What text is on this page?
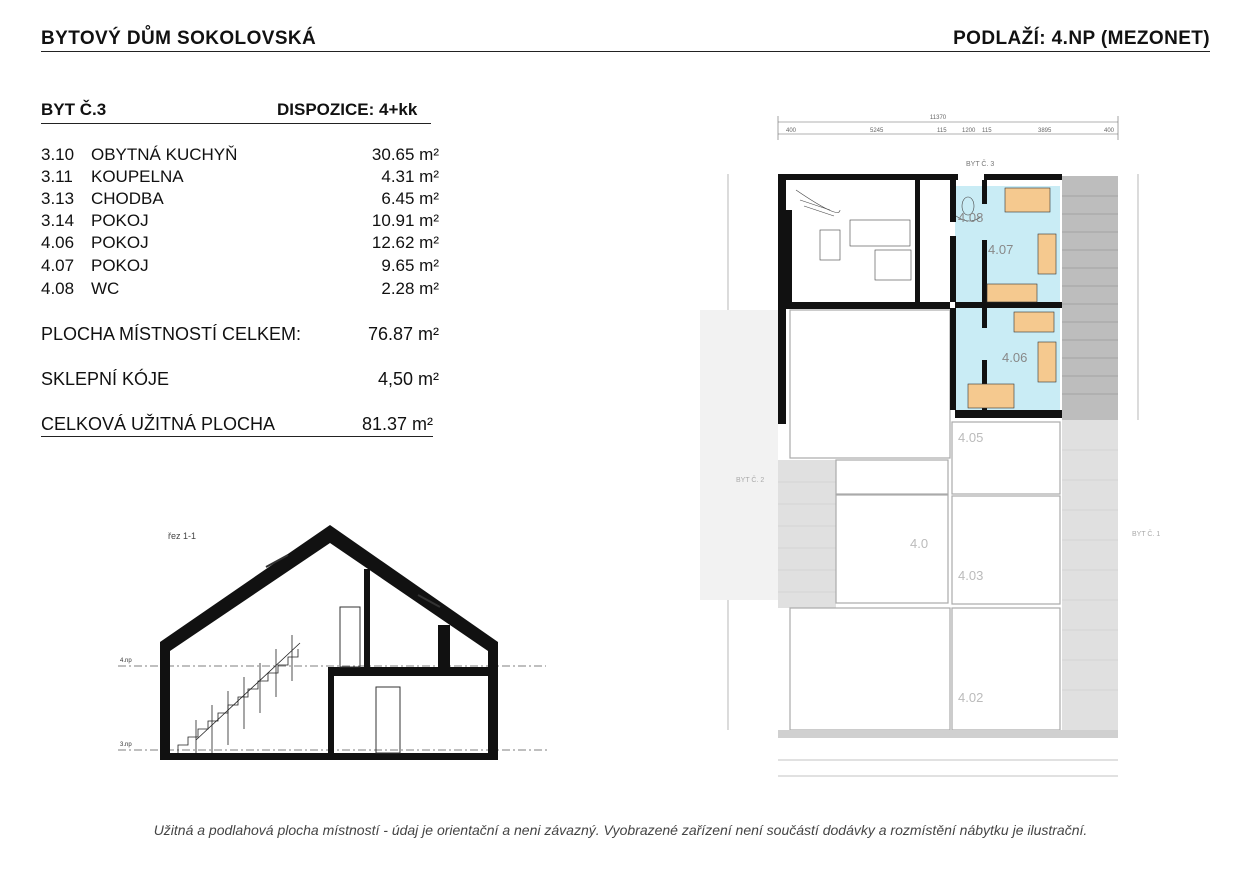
BYTOVÝ DŮM SOKOLOVSKÁ	PODLAŽÍ: 4.NP (MEZONET)
BYT Č.3	DISPOZICE: 4+kk
3.10 OBYTNÁ KUCHYŇ	30.65 m²
3.11 KOUPELNA	4.31 m²
3.13 CHODBA	6.45 m²
3.14 POKOJ	10.91 m²
4.06 POKOJ	12.62 m²
4.07 POKOJ	9.65 m²
4.08 WC	2.28 m²
PLOCHA MÍSTNOSTÍ CELKEM:	76.87 m²
SKLEPNÍ KÓJE	4,50 m²
CELKOVÁ UŽITNÁ PLOCHA	81.37 m²
řez 1-1
4.np
3.np
11370
400	5245	115	1200 115	3895	400
BYT Č. 3
4.08
4.07
4.06
4.05
4.0
4.03
4.02
BYT Č. 2
BYT Č. 1
Užitná a podlahová plocha místností - údaj je orientační a neni závazný. Vyobrazené zařízení není součástí dodávky a rozmístění nábytku je ilustrační.
